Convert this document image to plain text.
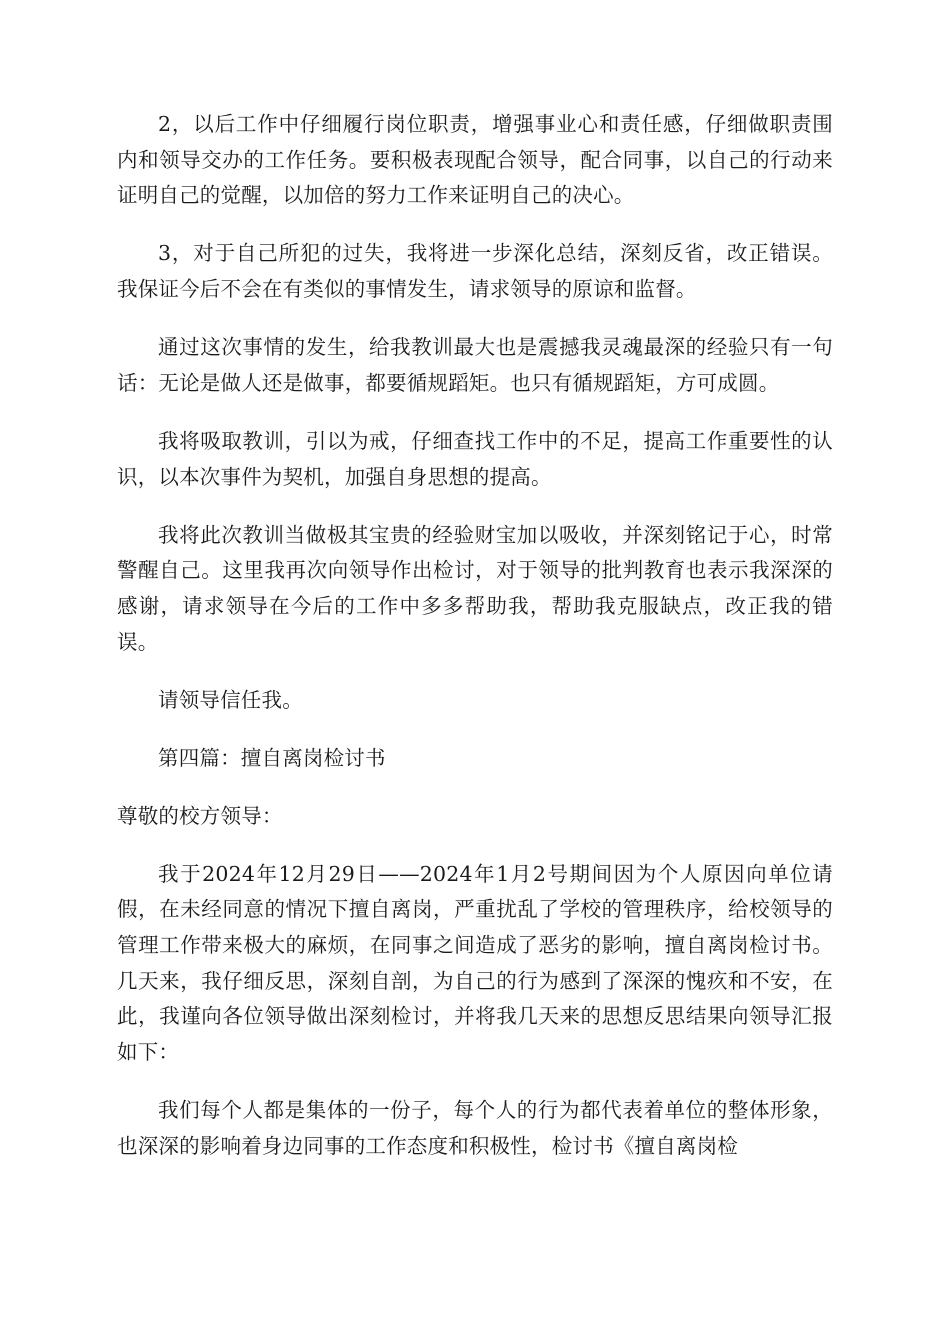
2，以后工作中仔细履行岗位职责，增强事业心和责任感，仔细做职责围内和领导交办的工作任务。要积极表现配合领导，配合同事，以自己的行动来证明自己的觉醒，以加倍的努力工作来证明自己的决心。

3，对于自己所犯的过失，我将进一步深化总结，深刻反省，改正错误。我保证今后不会在有类似的事情发生，请求领导的原谅和监督。

通过这次事情的发生，给我教训最大也是震撼我灵魂最深的经验只有一句话：无论是做人还是做事，都要循规蹈矩。也只有循规蹈矩，方可成圆。

我将吸取教训，引以为戒，仔细查找工作中的不足，提高工作重要性的认识，以本次事件为契机，加强自身思想的提高。

我将此次教训当做极其宝贵的经验财宝加以吸收，并深刻铭记于心，时常警醒自己。这里我再次向领导作出检讨，对于领导的批判教育也表示我深深的感谢，请求领导在今后的工作中多多帮助我，帮助我克服缺点，改正我的错误。

请领导信任我。

第四篇：擅自离岗检讨书

尊敬的校方领导：

我于2024年12月29日——2024年1月2号期间因为个人原因向单位请假，在未经同意的情况下擅自离岗，严重扰乱了学校的管理秩序，给校领导的管理工作带来极大的麻烦，在同事之间造成了恶劣的影响，擅自离岗检讨书。几天来，我仔细反思，深刻自剖，为自己的行为感到了深深的愧疚和不安，在此，我谨向各位领导做出深刻检讨，并将我几天来的思想反思结果向领导汇报如下：

我们每个人都是集体的一份子，每个人的行为都代表着单位的整体形象，也深深的影响着身边同事的工作态度和积极性，检讨书《擅自离岗检
